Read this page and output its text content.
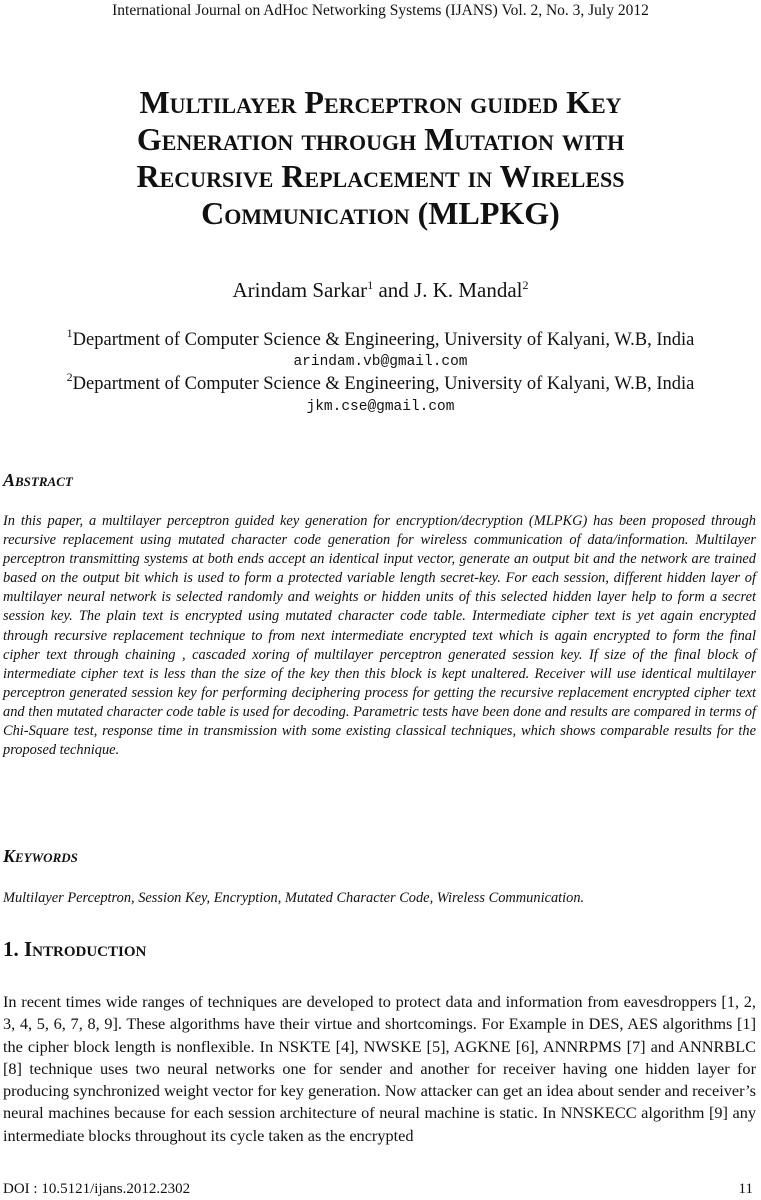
International Journal on AdHoc Networking Systems (IJANS) Vol. 2, No. 3, July 2012
Multilayer Perceptron guided Key
Generation through Mutation with
Recursive Replacement in Wireless
Communication (MLPKG)
Arindam Sarkar$^1$ and J. K. Mandal$^2$
$^1$Department of Computer Science & Engineering, University of Kalyani, W.B, India
arindam.vb@gmail.com
$^2$Department of Computer Science & Engineering, University of Kalyani, W.B, India
jkm.cse@gmail.com
Abstract
In this paper, a multilayer perceptron guided key generation for encryption/decryption (MLPKG) has been proposed through recursive replacement using mutated character code generation for wireless communication of data/information. Multilayer perceptron transmitting systems at both ends accept an identical input vector, generate an output bit and the network are trained based on the output bit which is used to form a protected variable length secret-key. For each session, different hidden layer of multilayer neural network is selected randomly and weights or hidden units of this selected hidden layer help to form a secret session key. The plain text is encrypted using mutated character code table. Intermediate cipher text is yet again encrypted through recursive replacement technique to from next intermediate encrypted text which is again encrypted to form the final cipher text through chaining , cascaded xoring of multilayer perceptron generated session key. If size of the final block of intermediate cipher text is less than the size of the key then this block is kept unaltered. Receiver will use identical multilayer perceptron generated session key for performing deciphering process for getting the recursive replacement encrypted cipher text and then mutated character code table is used for decoding. Parametric tests have been done and results are compared in terms of Chi-Square test, response time in transmission with some existing classical techniques, which shows comparable results for the proposed technique.
Keywords
Multilayer Perceptron, Session Key, Encryption, Mutated Character Code, Wireless Communication.
1. Introduction
In recent times wide ranges of techniques are developed to protect data and information from eavesdroppers [1, 2, 3, 4, 5, 6, 7, 8, 9]. These algorithms have their virtue and shortcomings. For Example in DES, AES algorithms [1] the cipher block length is nonflexible. In NSKTE [4], NWSKE [5], AGKNE [6], ANNRPMS [7] and ANNRBLC [8] technique uses two neural networks one for sender and another for receiver having one hidden layer for producing synchronized weight vector for key generation. Now attacker can get an idea about sender and receiver’s neural machines because for each session architecture of neural machine is static. In NNSKECC algorithm [9] any intermediate blocks throughout its cycle taken as the encrypted
DOI : 10.5121/ijans.2012.2302	11
